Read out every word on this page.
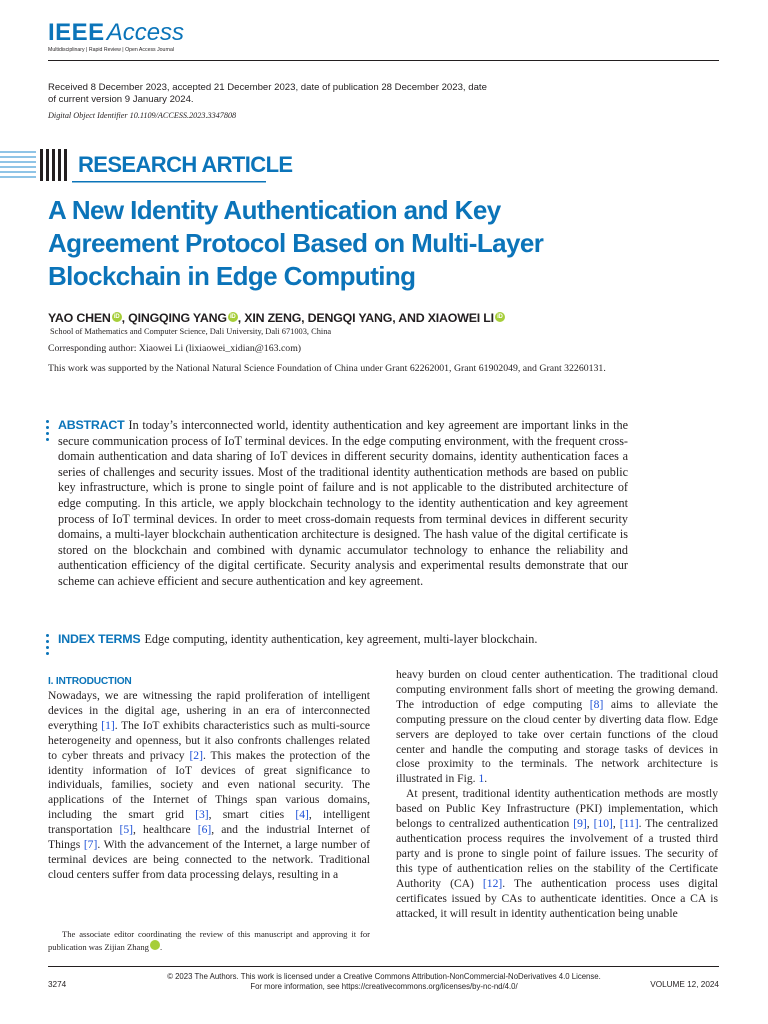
IEEEAccess
Multidisciplinary | Rapid Review | Open Access Journal
Received 8 December 2023, accepted 21 December 2023, date of publication 28 December 2023, date of current version 9 January 2024.
Digital Object Identifier 10.1109/ACCESS.2023.3347808
RESEARCH ARTICLE
A New Identity Authentication and Key Agreement Protocol Based on Multi-Layer Blockchain in Edge Computing
YAO CHEN iD , QINGQING YANG iD , XIN ZENG, DENGQI YANG, AND XIAOWEI LI iD
School of Mathematics and Computer Science, Dali University, Dali 671003, China
Corresponding author: Xiaowei Li (lixiaowei_xidian@163.com)
This work was supported by the National Natural Science Foundation of China under Grant 62262001, Grant 61902049, and Grant 32260131.
ABSTRACT In today’s interconnected world, identity authentication and key agreement are important links in the secure communication process of IoT terminal devices. In the edge computing environment, with the frequent cross-domain authentication and data sharing of IoT devices in different security domains, identity authentication faces a series of challenges and security issues. Most of the traditional identity authentication methods are based on public key infrastructure, which is prone to single point of failure and is not applicable to the distributed architecture of edge computing. In this article, we apply blockchain technology to the identity authentication and key agreement process of IoT terminal devices. In order to meet cross-domain requests from terminal devices in different security domains, a multi-layer blockchain authentication architecture is designed. The hash value of the digital certificate is stored on the blockchain and combined with dynamic accumulator technology to enhance the reliability and authentication efficiency of the digital certificate. Security analysis and experimental results demonstrate that our scheme can achieve efficient and secure authentication and key agreement.
INDEX TERMS Edge computing, identity authentication, key agreement, multi-layer blockchain.
I. INTRODUCTION

Nowadays, we are witnessing the rapid proliferation of intelligent devices in the digital age, ushering in an era of interconnected everything [1]. The IoT exhibits characteristics such as multi-source heterogeneity and openness, but it also confronts challenges related to cyber threats and privacy [2]. This makes the protection of the identity information of IoT devices of great significance to individuals, families, society and even national security. The applications of the Internet of Things span various domains, including the smart grid [3], smart cities [4], intelligent transportation [5], healthcare [6], and the industrial Internet of Things [7]. With the advancement of the Internet, a large number of terminal devices are being connected to the network. Traditional cloud centers suffer from data processing delays, resulting in a

The associate editor coordinating the review of this manuscript and approving it for publication was Zijian Zhang	iD.

heavy burden on cloud center authentication. The traditional cloud computing environment falls short of meeting the growing demand. The introduction of edge computing [8] aims to alleviate the computing pressure on the cloud center by diverting data flow. Edge servers are deployed to take over certain functions of the cloud center and handle the computing and storage tasks of devices in close proximity to the terminals. The network architecture is illustrated in Fig. 1.

At present, traditional identity authentication methods are mostly based on Public Key Infrastructure (PKI) implementation, which belongs to centralized authentication [9], [10], [11]. The centralized authentication process requires the involvement of a trusted third party and is prone to single point of failure issues. The security of this type of authentication relies on the stability of the Certificate Authority (CA) [12]. The authentication process uses digital certificates issued by CAs to authenticate identities. Once a CA is attacked, it will result in identity authentication being unable

© 2023 The Authors. This work is licensed under a Creative Commons Attribution-NonCommercial-NoDerivatives 4.0 License.
For more information, see https://creativecommons.org/licenses/by-nc-nd/4.0/
3274	VOLUME 12, 2024
